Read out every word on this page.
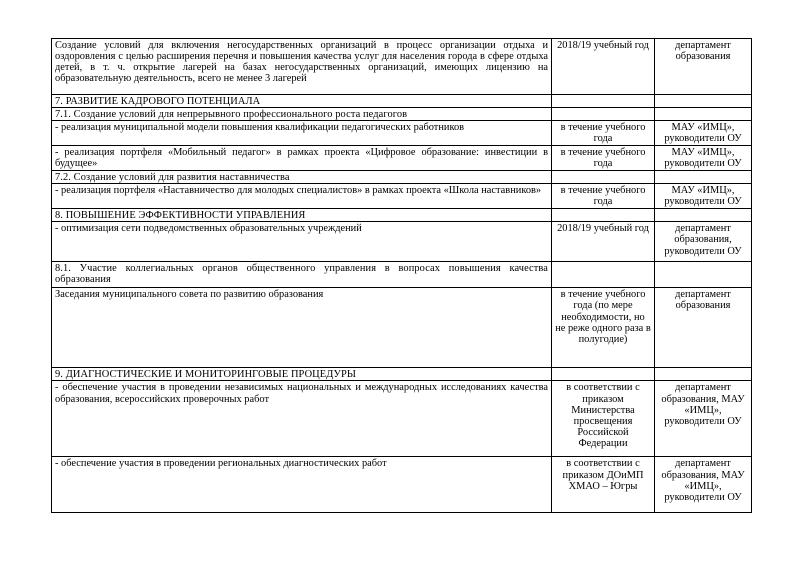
Создание условий для включения негосударственных организаций в процесс организации отдыха и оздоровления с целью расширения перечня и повышения качества услуг для населения города в сфере отдыха детей, в т. ч. открытие лагерей на базах негосударственных организаций, имеющих лицензию на образовательную деятельность, всего не менее 3 лагерей	2018/19 учебный год	департамент образования
7. РАЗВИТИЕ КАДРОВОГО ПОТЕНЦИАЛА		
7.1. Создание условий для непрерывного профессионального роста педагогов		
- реализация муниципальной модели повышения квалификации педагогических работников	в течение учебного года	МАУ «ИМЦ», руководители ОУ
- реализация портфеля «Мобильный педагог» в рамках проекта «Цифровое образование: инвестиции в будущее»	в течение учебного года	МАУ «ИМЦ», руководители ОУ
7.2. Создание условий для развития наставничества		
- реализация портфеля «Наставничество для молодых специалистов» в рамках проекта «Школа наставников»	в течение учебного года	МАУ «ИМЦ», руководители ОУ
8. ПОВЫШЕНИЕ ЭФФЕКТИВНОСТИ УПРАВЛЕНИЯ		
- оптимизация сети подведомственных образовательных учреждений	2018/19 учебный год	департамент образования, руководители ОУ
8.1. Участие коллегиальных органов общественного управления в вопросах повышения качества образования		
Заседания муниципального совета по развитию образования	в течение учебного года (по мере необходимости, но не реже одного раза в полугодие)	департамент образования
9. ДИАГНОСТИЧЕСКИЕ И МОНИТОРИНГОВЫЕ ПРОЦЕДУРЫ		
- обеспечение участия в проведении независимых национальных и международных исследованиях качества образования, всероссийских проверочных работ	в соответствии с приказом Министерства просвещения Российской Федерации	департамент образования, МАУ «ИМЦ», руководители ОУ
- обеспечение участия в проведении региональных диагностических работ	в соответствии с приказом ДОиМП ХМАО – Югры	департамент образования, МАУ «ИМЦ», руководители ОУ
